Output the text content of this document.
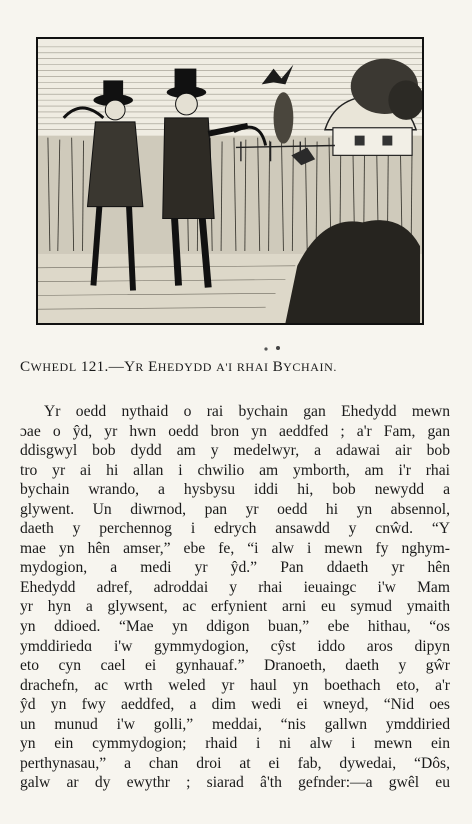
CWHEDL 121.—YR EHEDYDD A'I RHAI BYCHAIN.
Yr oedd nythaid o rai bychain gan Ehedydd mewn
ɔae o ŷd, yr hwn oedd bron yn aeddfed ; a'r Fam, gan
ddisgwyl bob dydd am y medelwyr, a adawai air bob
tro yr ai hi allan i chwilio am ymborth, am i'r rhai
bychain wrando, a hysbysu iddi hi, bob newydd a
glywent. Un diwrnod, pan yr oedd hi yn absennol,
daeth y perchennog i edrych ansawdd y cnŵd. “Y
mae yn hên amser,” ebe fe, “i alw i mewn fy nghym-
mydogion, a medi yr ŷd.” Pan ddaeth yr hên
Ehedydd adref, adroddai y rhai ieuaingc i'w Mam
yr hyn a glywsent, ac erfynient arni eu symud ymaith
yn ddioed. “Mae yn ddigon buan,” ebe hithau, “os
ymddiriedɑ i'w gymmydogion, cŷst iddo aros dipyn
eto cyn cael ei gynhauaf.” Dranoeth, daeth y gŵr
drachefn, ac wrth weled yr haul yn boethach eto, a'r
ŷd yn fwy aeddfed, a dim wedi ei wneyd, “Nid oes
un munud i'w golli,” meddai, “nis gallwn ymddiried
yn ein cymmydogion; rhaid i ni alw i mewn ein
perthynasau,” a chan droi at ei fab, dywedai, “Dôs,
galw ar dy ewythr ; siarad â'th gefnder:—a gwêl eu
